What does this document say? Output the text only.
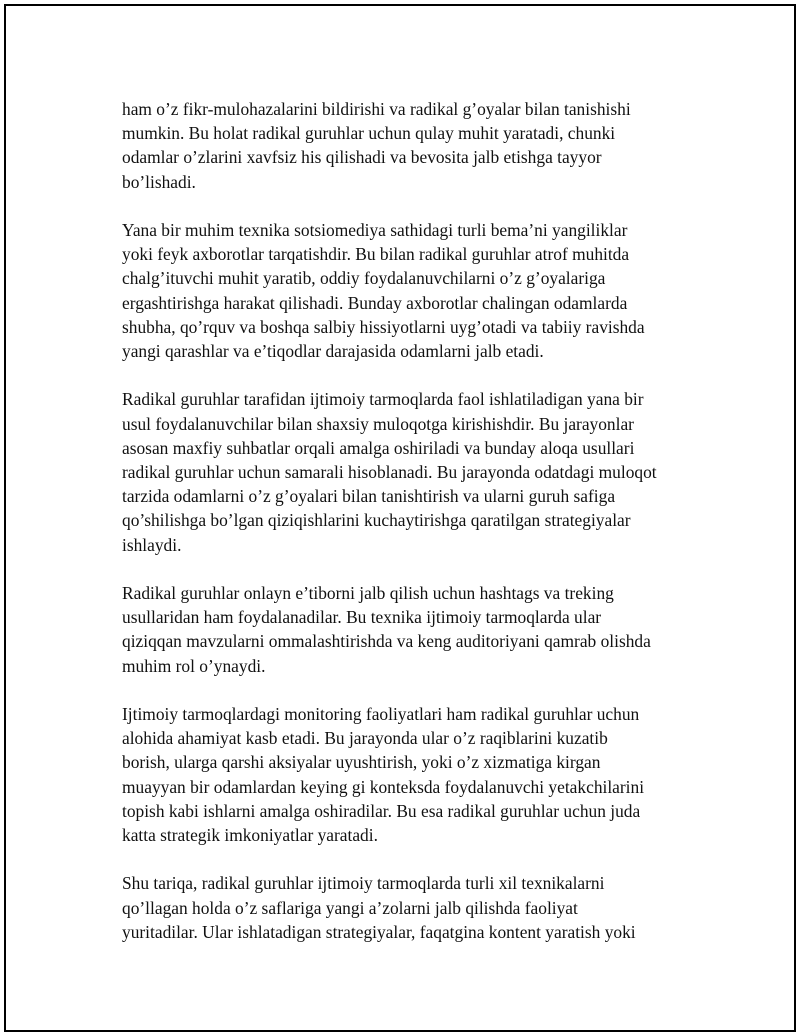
ham o’z fikr-mulohazalarini bildirishi va radikal g’oyalar bilan tanishishi
mumkin. Bu holat radikal guruhlar uchun qulay muhit yaratadi, chunki
odamlar o’zlarini xavfsiz his qilishadi va bevosita jalb etishga tayyor
bo’lishadi.

Yana bir muhim texnika sotsiomediya sathidagi turli bema’ni yangiliklar
yoki feyk axborotlar tarqatishdir. Bu bilan radikal guruhlar atrof muhitda
chalg’ituvchi muhit yaratib, oddiy foydalanuvchilarni o’z g’oyalariga
ergashtirishga harakat qilishadi. Bunday axborotlar chalingan odamlarda
shubha, qo’rquv va boshqa salbiy hissiyotlarni uyg’otadi va tabiiy ravishda
yangi qarashlar va e’tiqodlar darajasida odamlarni jalb etadi.

Radikal guruhlar tarafidan ijtimoiy tarmoqlarda faol ishlatiladigan yana bir
usul foydalanuvchilar bilan shaxsiy muloqotga kirishishdir. Bu jarayonlar
asosan maxfiy suhbatlar orqali amalga oshiriladi va bunday aloqa usullari
radikal guruhlar uchun samarali hisoblanadi. Bu jarayonda odatdagi muloqot
tarzida odamlarni o’z g’oyalari bilan tanishtirish va ularni guruh safiga
qo’shilishga bo’lgan qiziqishlarini kuchaytirishga qaratilgan strategiyalar
ishlaydi.

Radikal guruhlar onlayn e’tiborni jalb qilish uchun hashtags va treking
usullaridan ham foydalanadilar. Bu texnika ijtimoiy tarmoqlarda ular
qiziqqan mavzularni ommalashtirishda va keng auditoriyani qamrab olishda
muhim rol o’ynaydi.

Ijtimoiy tarmoqlardagi monitoring faoliyatlari ham radikal guruhlar uchun
alohida ahamiyat kasb etadi. Bu jarayonda ular o’z raqiblarini kuzatib
borish, ularga qarshi aksiyalar uyushtirish, yoki o’z xizmatiga kirgan
muayyan bir odamlardan keying gi konteksda foydalanuvchi yetakchilarini
topish kabi ishlarni amalga oshiradilar. Bu esa radikal guruhlar uchun juda
katta strategik imkoniyatlar yaratadi.

Shu tariqa, radikal guruhlar ijtimoiy tarmoqlarda turli xil texnikalarni
qo’llagan holda o’z saflariga yangi a’zolarni jalb qilishda faoliyat
yuritadilar. Ular ishlatadigan strategiyalar, faqatgina kontent yaratish yoki
